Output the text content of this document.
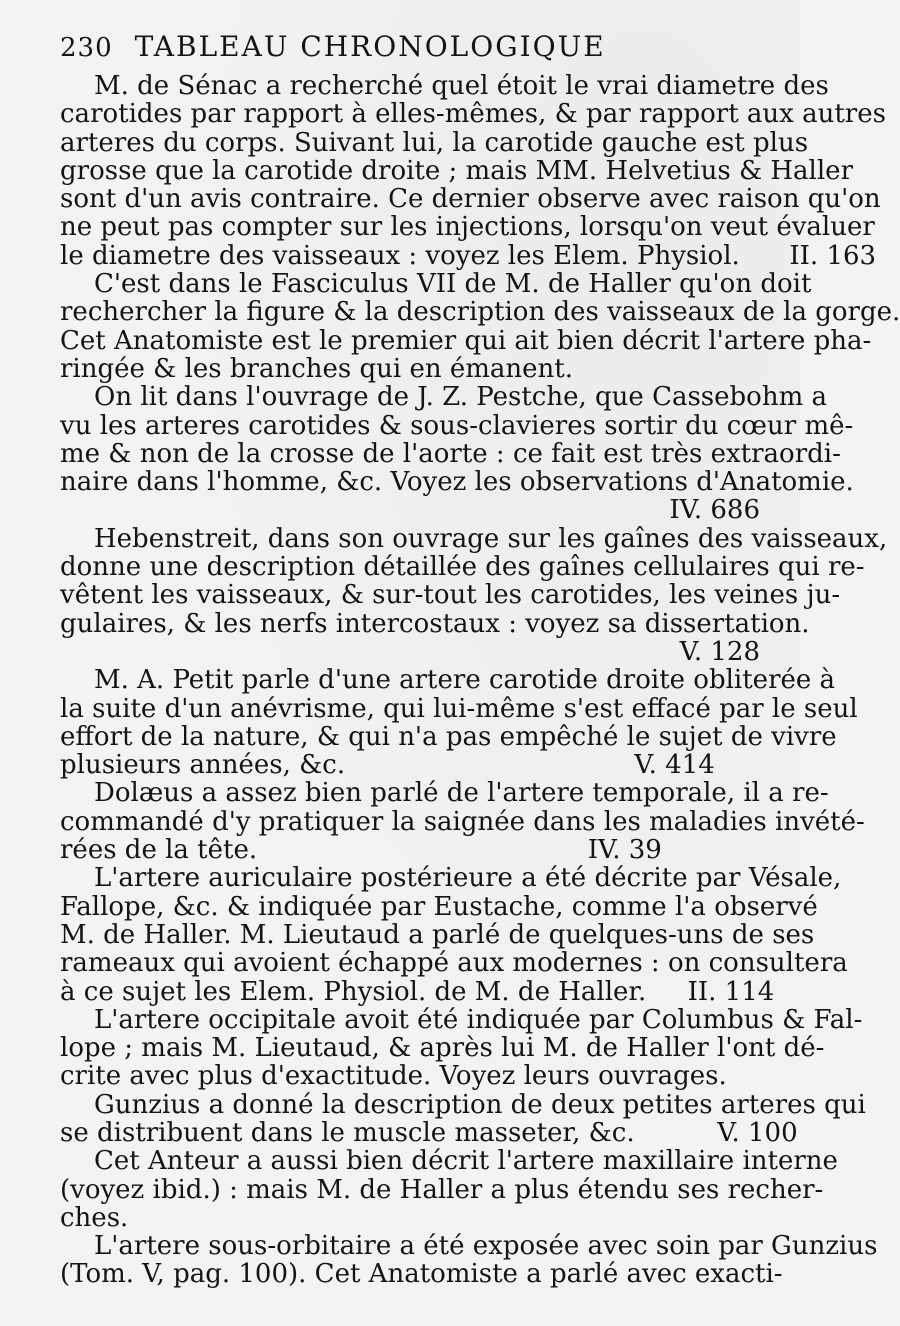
230 TABLEAU CHRONOLOGIQUE
M. de Sénac a recherché quel étoit le vrai diametre des
carotides par rapport à elles-mêmes, & par rapport aux autres
arteres du corps. Suivant lui, la carotide gauche est plus
grosse que la carotide droite ; mais MM. Helvetius & Haller
sont d'un avis contraire. Ce dernier observe avec raison qu'on
ne peut pas compter sur les injections, lorsqu'on veut évaluer
le diametre des vaisseaux : voyez les Elem. Physiol.      II. 163
C'est dans le Fasciculus VII de M. de Haller qu'on doit
rechercher la figure & la description des vaisseaux de la gorge.
Cet Anatomiste est le premier qui ait bien décrit l'artere pha-
ringée & les branches qui en émanent.
On lit dans l'ouvrage de J. Z. Pestche, que Cassebohm a
vu les arteres carotides & sous-clavieres sortir du cœur mê-
me & non de la crosse de l'aorte : ce fait est très extraordi-
naire dans l'homme, &c. Voyez les observations d'Anatomie.
IV. 686
Hebenstreit, dans son ouvrage sur les gaînes des vaisseaux,
donne une description détaillée des gaînes cellulaires qui re-
vêtent les vaisseaux, & sur-tout les carotides, les veines ju-
gulaires, & les nerfs intercostaux : voyez sa dissertation.
V. 128
M. A. Petit parle d'une artere carotide droite obliterée à
la suite d'un anévrisme, qui lui-même s'est effacé par le seul
effort de la nature, & qui n'a pas empêché le sujet de vivre
plusieurs années, &c.                                   V. 414
Dolæus a assez bien parlé de l'artere temporale, il a re-
commandé d'y pratiquer la saignée dans les maladies invété-
rées de la tête.                                        IV. 39
L'artere auriculaire postérieure a été décrite par Vésale,
Fallope, &c. & indiquée par Eustache, comme l'a observé
M. de Haller. M. Lieutaud a parlé de quelques-uns de ses
rameaux qui avoient échappé aux modernes : on consultera
à ce sujet les Elem. Physiol. de M. de Haller.     II. 114
L'artere occipitale avoit été indiquée par Columbus & Fal-
lope ; mais M. Lieutaud, & après lui M. de Haller l'ont dé-
crite avec plus d'exactitude. Voyez leurs ouvrages.
Gunzius a donné la description de deux petites arteres qui
se distribuent dans le muscle masseter, &c.          V. 100
Cet Anteur a aussi bien décrit l'artere maxillaire interne
(voyez ibid.) : mais M. de Haller a plus étendu ses recher-
ches.
L'artere sous-orbitaire a été exposée avec soin par Gunzius
(Tom. V, pag. 100). Cet Anatomiste a parlé avec exacti-
